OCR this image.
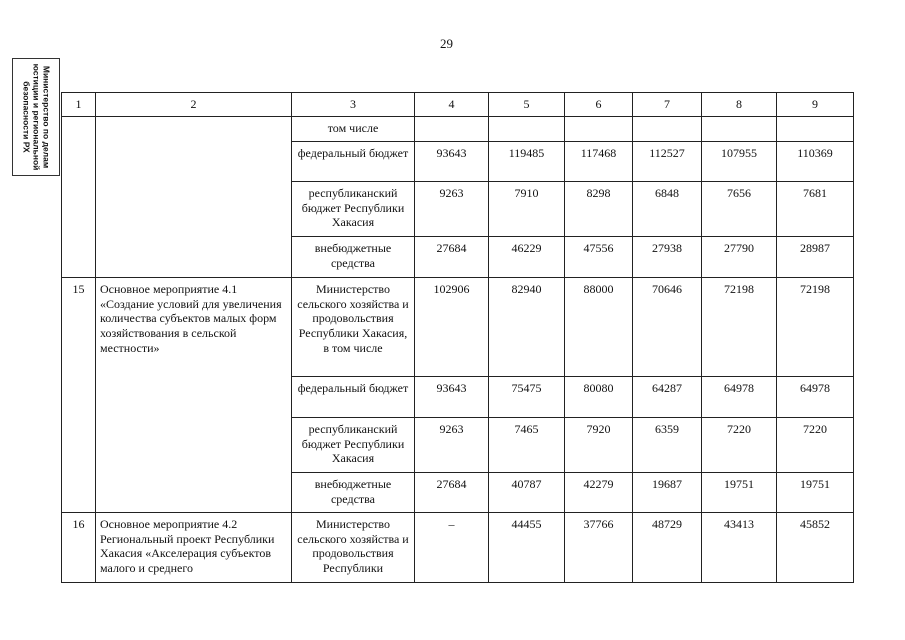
29
Министерство по делам
юстиции и региональной
безопасности РХ	1	2	3	4	5	6	7	8	9
		том числе						
		федеральный бюджет	93643	119485	117468	112527	107955	110369
		республиканский бюджет Республики Хакасия	9263	7910	8298	6848	7656	7681
		внебюджетные средства	27684	46229	47556	27938	27790	28987
15	Основное мероприятие 4.1 «Создание условий для увеличения количества субъектов малых форм хозяйствования в сельской местности»	Министерство сельского хозяйства и продовольствия Республики Хакасия, в том числе	102906	82940	88000	70646	72198	72198
		федеральный бюджет	93643	75475	80080	64287	64978	64978
		республиканский бюджет Республики Хакасия	9263	7465	7920	6359	7220	7220
		внебюджетные средства	27684	40787	42279	19687	19751	19751
16	Основное мероприятие 4.2 Региональный проект Республики Хакасия «Акселерация субъектов малого и среднего	Министерство сельского хозяйства и продовольствия Республики	–	44455	37766	48729	43413	45852
